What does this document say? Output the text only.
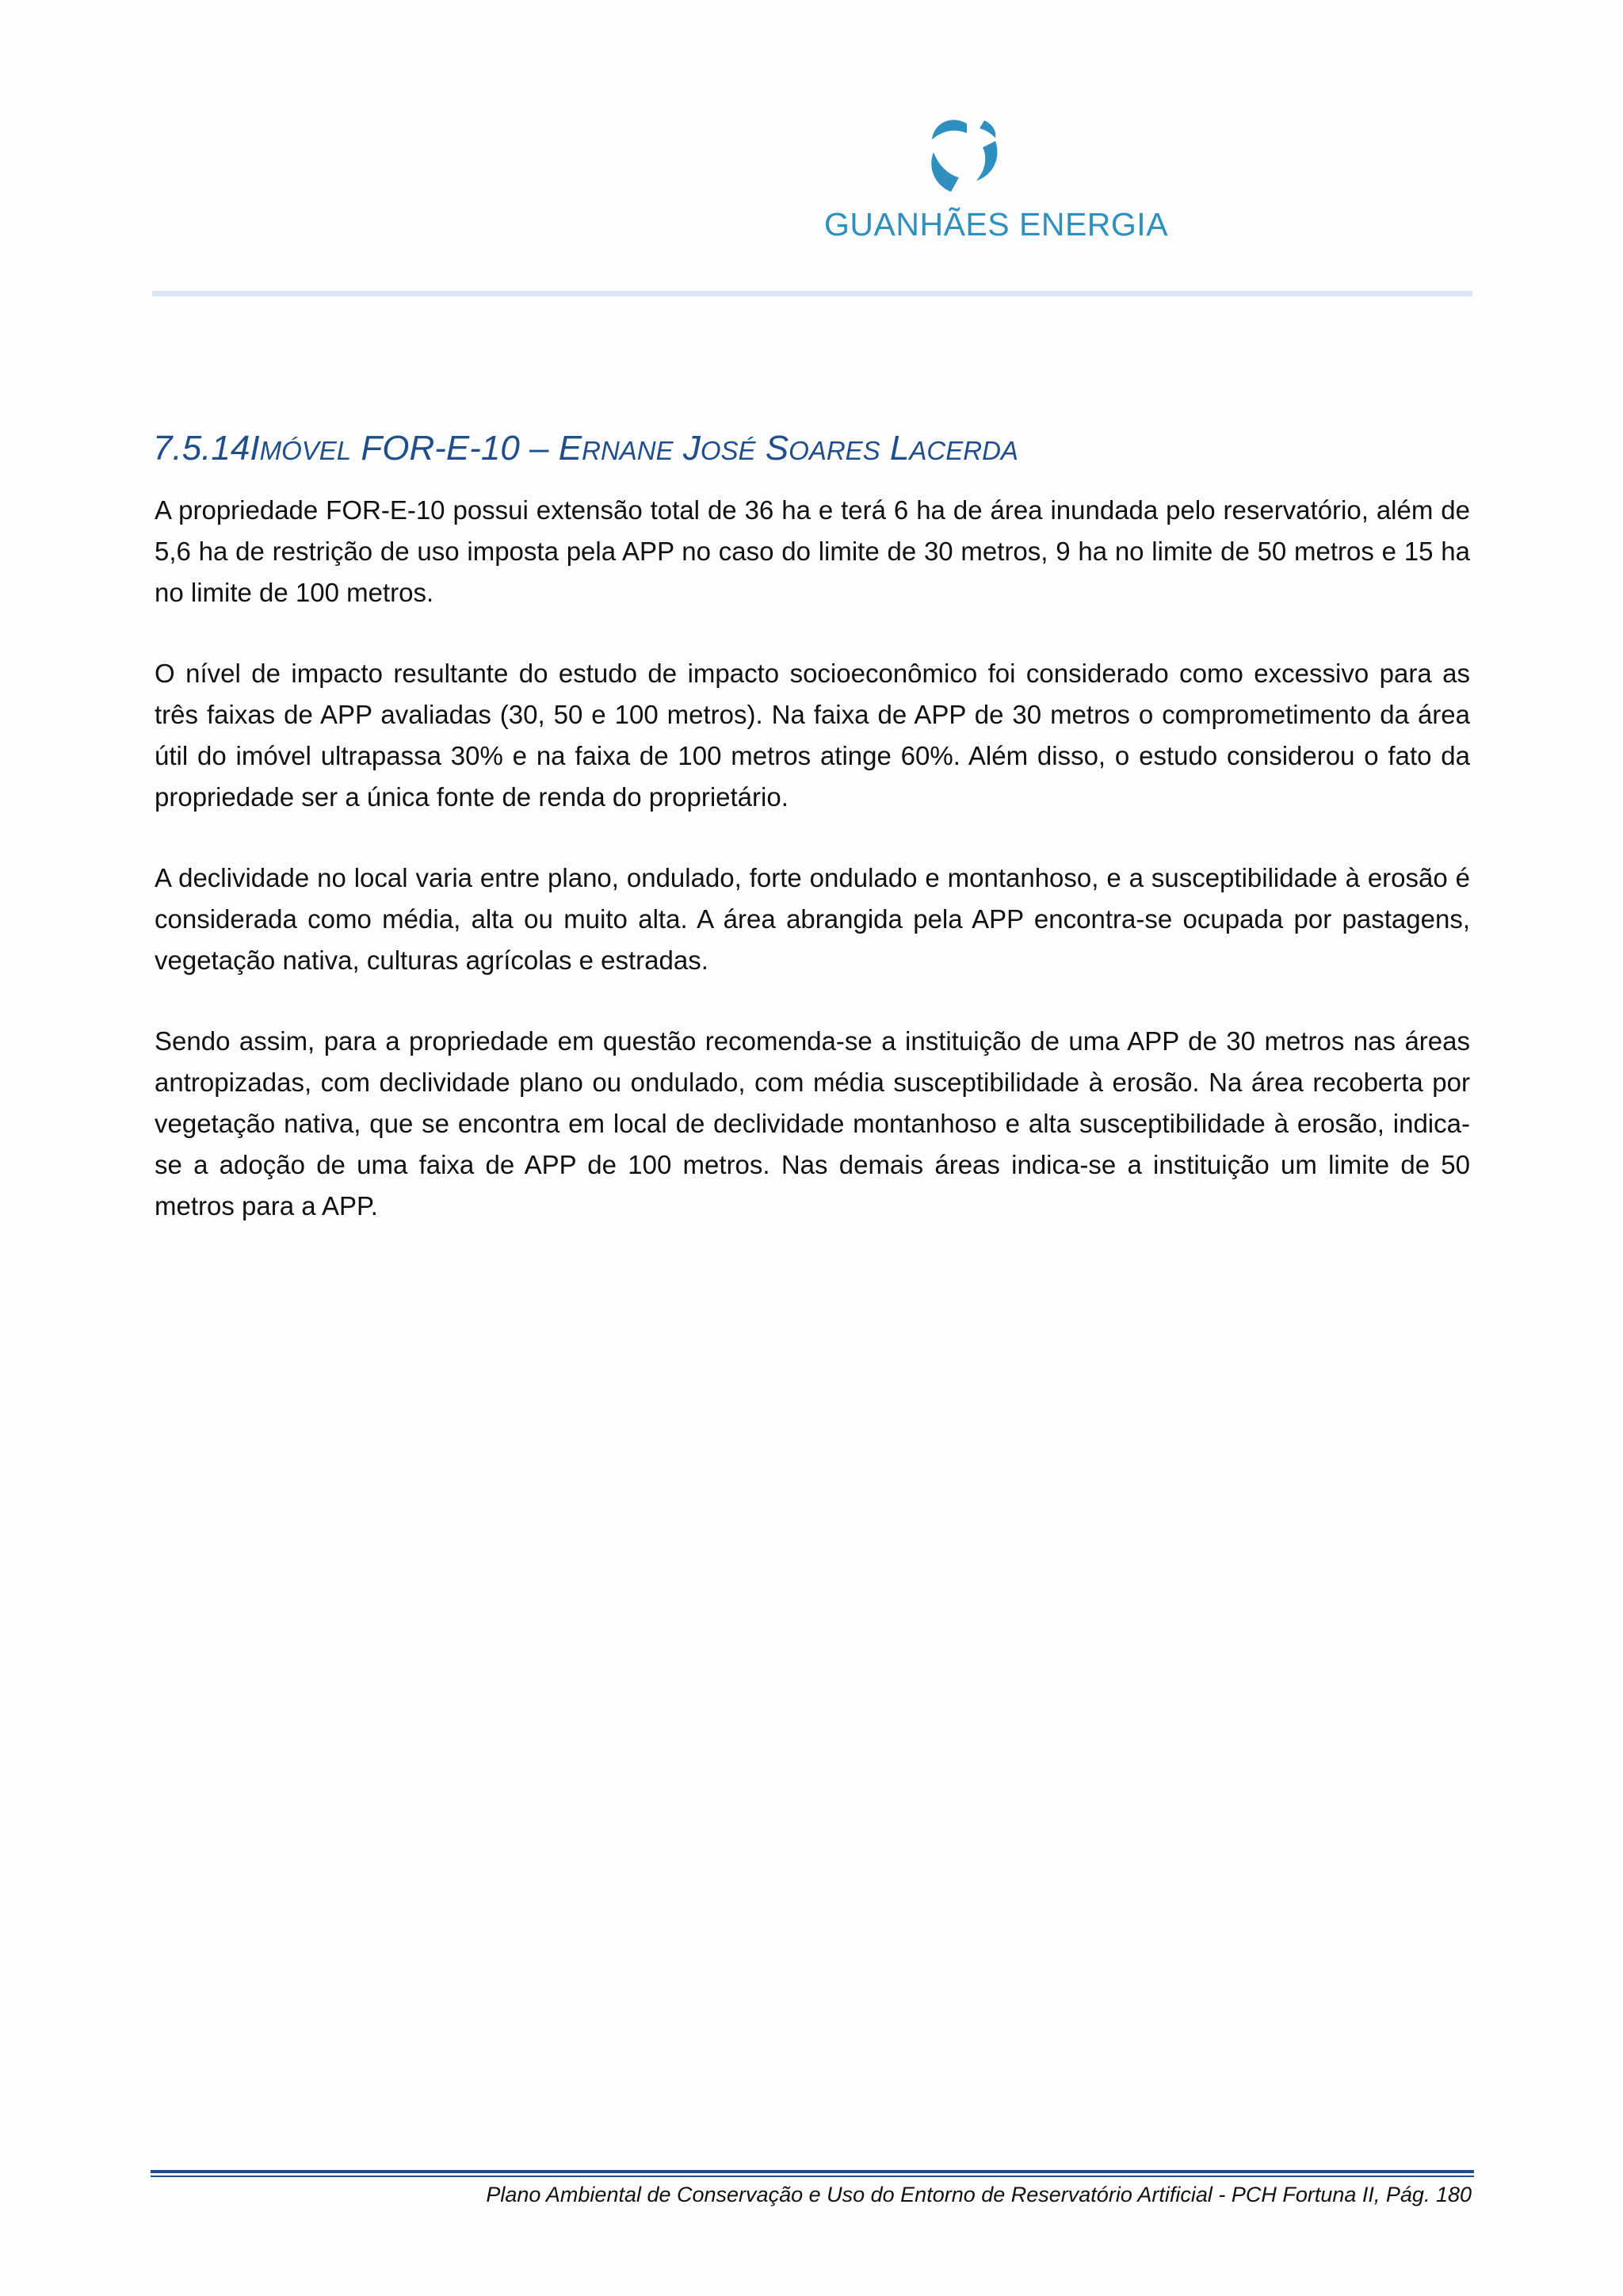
GUANHÃES ENERGIA
7.5.14IMÓVEL FOR-E-10 – ERNANE JOSÉ SOARES LACERDA

A propriedade FOR-E-10 possui extensão total de 36 ha e terá 6 ha de área inundada pelo reservatório, além de 5,6 ha de restrição de uso imposta pela APP no caso do limite de 30 metros, 9 ha no limite de 50 metros e 15 ha no limite de 100 metros.

O nível de impacto resultante do estudo de impacto socioeconômico foi considerado como excessivo para as três faixas de APP avaliadas (30, 50 e 100 metros). Na faixa de APP de 30 metros o comprometimento da área útil do imóvel ultrapassa 30% e na faixa de 100 metros atinge 60%. Além disso, o estudo considerou o fato da propriedade ser a única fonte de renda do proprietário.

A declividade no local varia entre plano, ondulado, forte ondulado e montanhoso, e a susceptibilidade à erosão é considerada como média, alta ou muito alta. A área abrangida pela APP encontra-se ocupada por pastagens, vegetação nativa, culturas agrícolas e estradas.

Sendo assim, para a propriedade em questão recomenda-se a instituição de uma APP de 30 metros nas áreas antropizadas, com declividade plano ou ondulado, com média susceptibilidade à erosão. Na área recoberta por vegetação nativa, que se encontra em local de declividade montanhoso e alta susceptibilidade à erosão, indica-se a adoção de uma faixa de APP de 100 metros. Nas demais áreas indica-se a instituição um limite de 50 metros para a APP.

Plano Ambiental de Conservação e Uso do Entorno de Reservatório Artificial - PCH Fortuna II, Pág. 180
